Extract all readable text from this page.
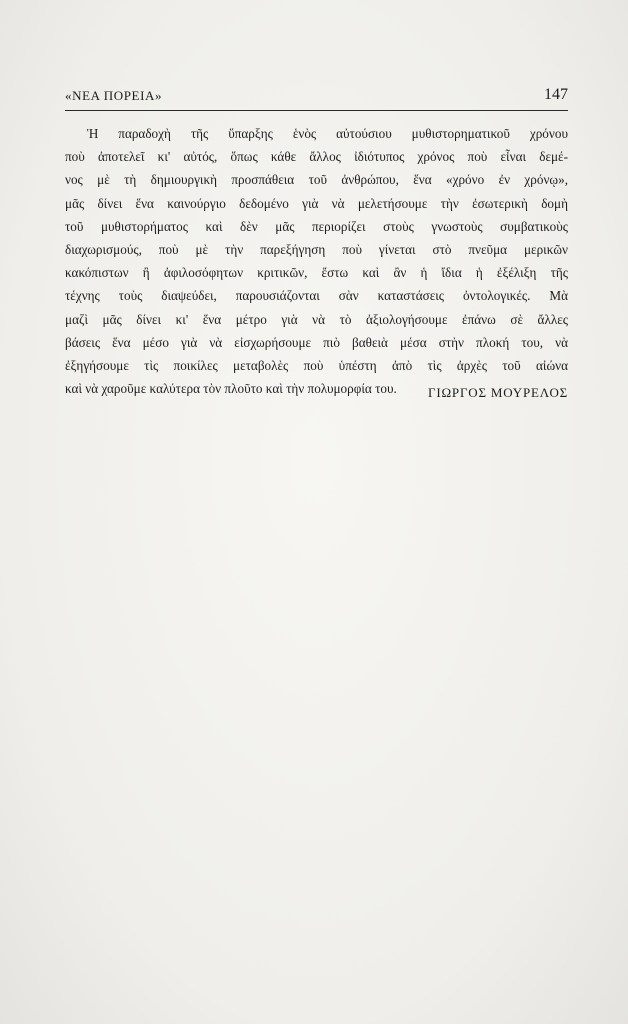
«ΝΕΑ ΠΟΡΕΙΑ»	147
Ἡ παραδοχὴ τῆς ὕπαρξης ἑνὸς αὐτούσιου μυθιστορηματικοῦ χρόνου
ποὺ ἀποτελεῖ κι' αὐτός, ὅπως κάθε ἄλλος ἰδιότυπος χρόνος ποὺ εἶναι δεμέ-
νος μὲ τὴ δημιουργικὴ προσπάθεια τοῦ ἀνθρώπου, ἕνα «χρόνο ἐν χρόνῳ»,
μᾶς δίνει ἕνα καινούργιο δεδομένο γιὰ νὰ μελετήσουμε τὴν ἐσωτερικὴ δομὴ
τοῦ μυθιστορήματος καὶ δὲν μᾶς περιορίζει στοὺς γνωστοὺς συμβατικοὺς
διαχωρισμούς, ποὺ μὲ τὴν παρεξήγηση ποὺ γίνεται στὸ πνεῦμα μερικῶν
κακόπιστων ἢ ἀφιλοσόφητων κριτικῶν, ἔστω καὶ ἂν ἡ ἴδια ἡ ἐξέλιξη τῆς
τέχνης τοὺς διαψεύδει, παρουσιάζονται σὰν καταστάσεις ὀντολογικές. Μὰ
μαζὶ μᾶς δίνει κι' ἕνα μέτρο γιὰ νὰ τὸ ἀξιολογήσουμε ἐπάνω σὲ ἄλλες
βάσεις ἕνα μέσο γιὰ νὰ εἰσχωρήσουμε πιὸ βαθειὰ μέσα στὴν πλοκή του, νὰ
ἐξηγήσουμε τὶς ποικίλες μεταβολὲς ποὺ ὑπέστη ἀπὸ τὶς ἀρχὲς τοῦ αἰώνα
καὶ νὰ χαροῦμε καλύτερα τὸν πλοῦτο καὶ τὴν πολυμορφία του.	ΓΙΩΡΓΟΣ ΜΟΥΡΕΛΟΣ
